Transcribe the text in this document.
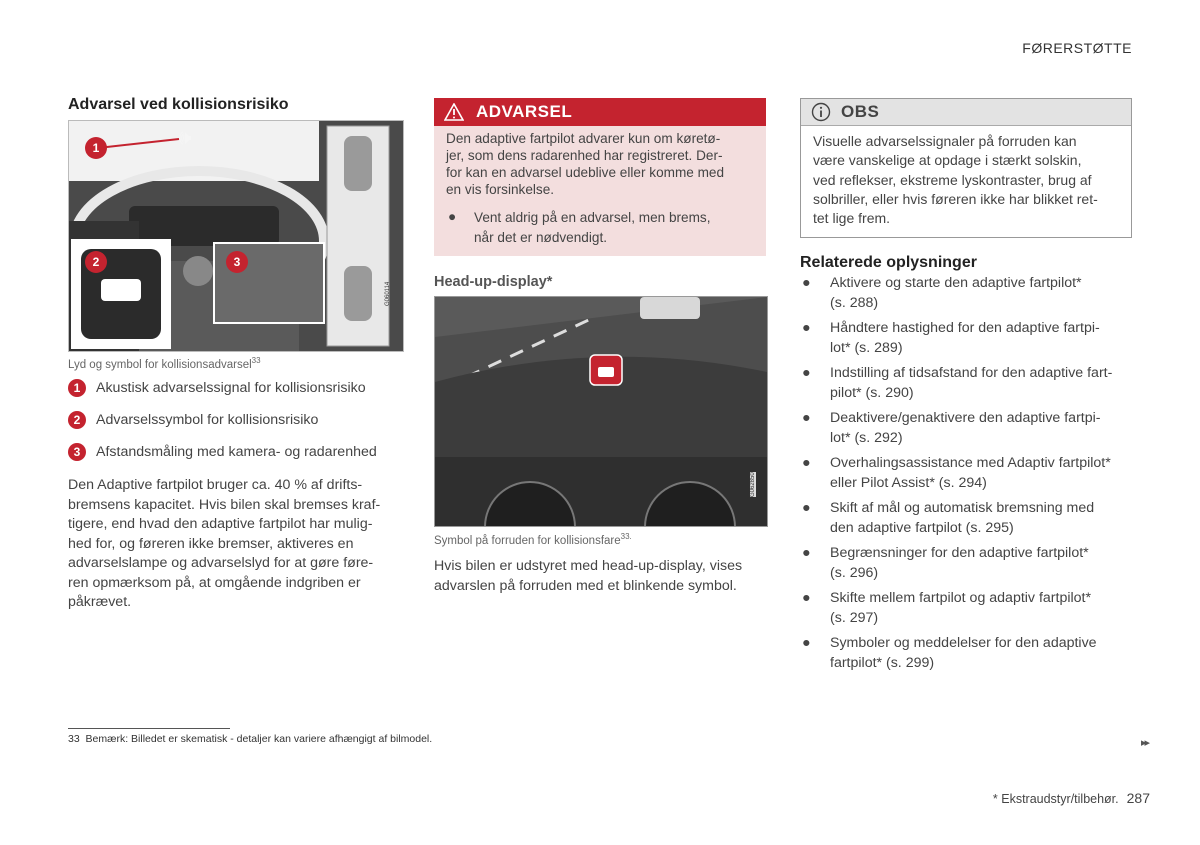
FØRERSTØTTE
Advarsel ved kollisionsrisiko
1	🕪
2	3
G060114
Lyd og symbol for kollisionsadvarsel$^{33}$
1	Akustisk advarselssignal for kollisionsrisiko
2	Advarselssymbol for kollisionsrisiko
3	Afstandsmåling med kamera- og radarenhed

Den Adaptive fartpilot bruger ca. 40 % af drifts-

bremsens kapacitet. Hvis bilen skal bremses kraf-

tigere, end hvad den adaptive fartpilot har mulig-

hed for, og føreren ikke bremser, aktiveres en

advarselslampe og advarselslyd for at gøre føre-

ren opmærksom på, at omgående indgriben er

påkrævet.

ADVARSEL
Den adaptive fartpilot advarer kun om køretø-
jer, som dens radarenhed har registreret. Der-
for kan en advarsel udeblive eller komme med
en vis forsinkelse.
●	Vent aldrig på en advarsel, men brems,
når det er nødvendigt.
Head-up-display*
G062850
Symbol på forruden for kollisionsfare$^{33.}$

Hvis bilen er udstyret med head-up-display, vises

advarslen på forruden med et blinkende symbol.

OBS
Visuelle advarselssignaler på forruden kan
være vanskelige at opdage i stærkt solskin,
ved reflekser, ekstreme lyskontraster, brug af
solbriller, eller hvis føreren ikke har blikket ret-
tet lige frem.
Relaterede oplysninger
●	Aktivere og starte den adaptive fartpilot*
(s. 288)
●	Håndtere hastighed for den adaptive fartpi-
lot* (s. 289)
●	Indstilling af tidsafstand for den adaptive fart-
pilot* (s. 290)
●	Deaktivere/genaktivere den adaptive fartpi-
lot* (s. 292)
●	Overhalingsassistance med Adaptiv fartpilot*
eller Pilot Assist* (s. 294)
●	Skift af mål og automatisk bremsning med
den adaptive fartpilot (s. 295)
●	Begrænsninger for den adaptive fartpilot*
(s. 296)
●	Skifte mellem fartpilot og adaptiv fartpilot*
(s. 297)
●	Symboler og meddelelser for den adaptive
fartpilot* (s. 299)
33 Bemærk: Billedet er skematisk - detaljer kan variere afhængigt af bilmodel.	▸▸
* Ekstraudstyr/tilbehør. 287
